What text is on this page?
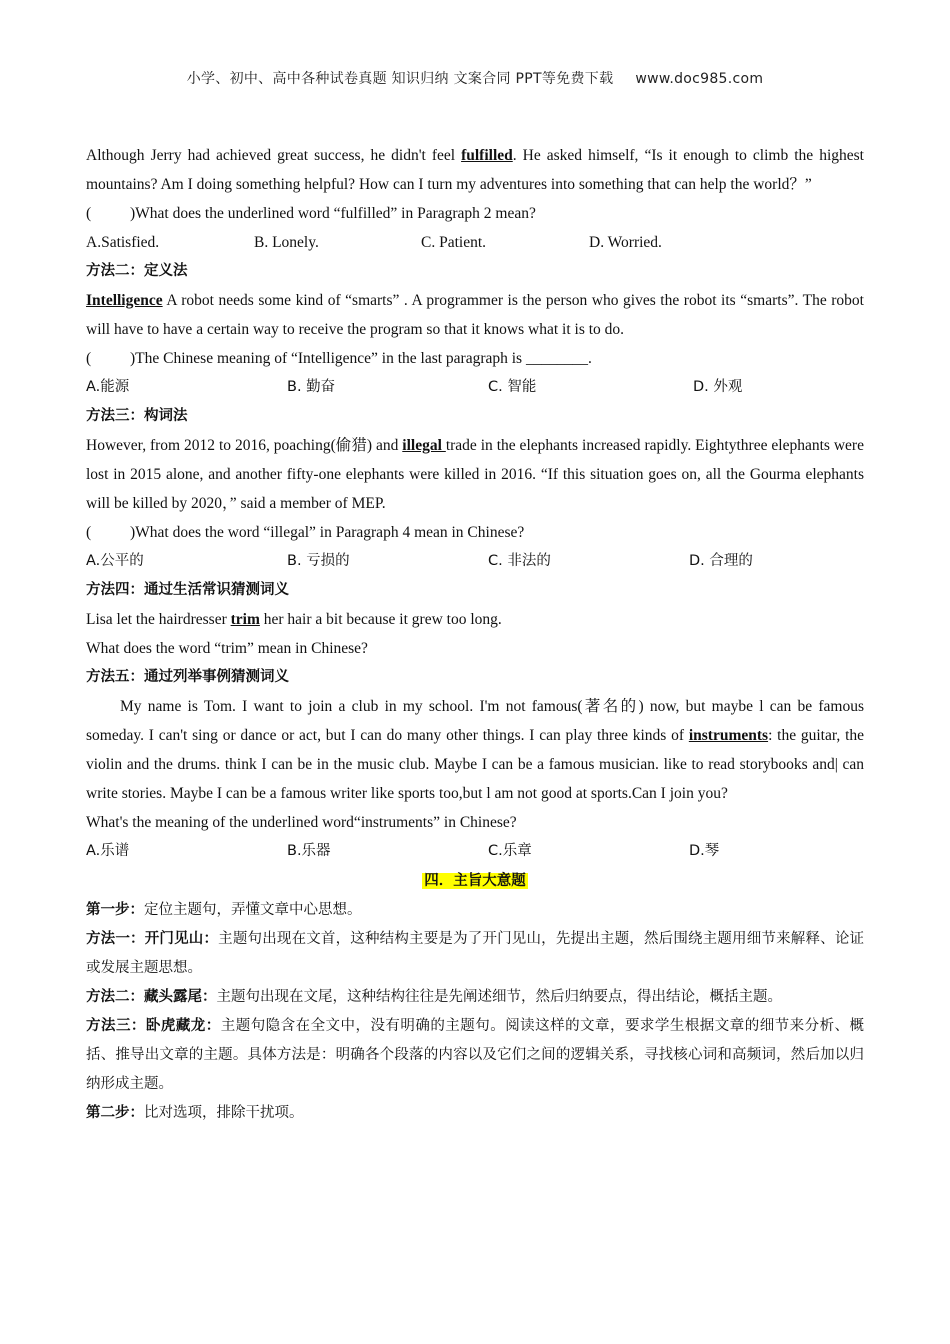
小学、初中、高中各种试卷真题 知识归纳 文案合同 PPT等免费下载 www.doc985.com

Although Jerry had achieved great success, he didn't feel fulfilled. He asked himself, “Is it enough to climb the highest mountains? Am I doing something helpful? How can I turn my adventures into something that can help the world？”

(	)What does the underlined word “fulfilled” in Paragraph 2 mean?

A.Satisfied.	B. Lonely.	C. Patient.	D. Worried.

方法二：定义法

Intelligence A robot needs some kind of “smarts” . A programmer is the person who gives the robot its “smarts”. The robot will have to have a certain way to receive the program so that it knows what it is to do.

(	)The Chinese meaning of “Intelligence” in the last paragraph is ________.

A.能源	B. 勤奋	C. 智能	D. 外观

方法三：构词法

However, from 2012 to 2016, poaching(偷猎) and illegal trade in the elephants increased rapidly. Eightythree elephants were lost in 2015 alone, and another fifty-one elephants were killed in 2016. “If this situation goes on, all the Gourma elephants will be killed by 2020，” said a member of MEP.

(	)What does the word “illegal” in Paragraph 4 mean in Chinese?

A.公平的	B. 亏损的	C. 非法的	D. 合理的

方法四：通过生活常识猜测词义

Lisa let the hairdresser trim her hair a bit because it grew too long.

What does the word “trim” mean in Chinese?

方法五：通过列举事例猜测词义

My name is Tom. I want to join a club in my school. I'm not famous(著名的) now, but maybe l can be famous someday. I can't sing or dance or act, but I can do many other things. I can play three kinds of instruments: the guitar, the violin and the drums. think I can be in the music club. Maybe I can be a famous musician. like to read storybooks and| can write stories. Maybe I can be a famous writer like sports too,but l am not good at sports.Can I join you?

What's the meaning of the underlined word“instruments” in Chinese?

A.乐谱	B.乐器	C.乐章	D.琴
四．主旨大意题

第一步：定位主题句，弄懂文章中心思想。

方法一：开门见山：主题句出现在文首，这种结构主要是为了开门见山，先提出主题，然后围绕主题用细节来解释、论证或发展主题思想。

方法二：藏头露尾：主题句出现在文尾，这种结构往往是先阐述细节，然后归纳要点，得出结论，概括主题。

方法三：卧虎藏龙：主题句隐含在全文中，没有明确的主题句。阅读这样的文章，要求学生根据文章的细节来分析、概括、推导出文章的主题。具体方法是：明确各个段落的内容以及它们之间的逻辑关系，寻找核心词和高频词，然后加以归纳形成主题。

第二步：比对选项，排除干扰项。
